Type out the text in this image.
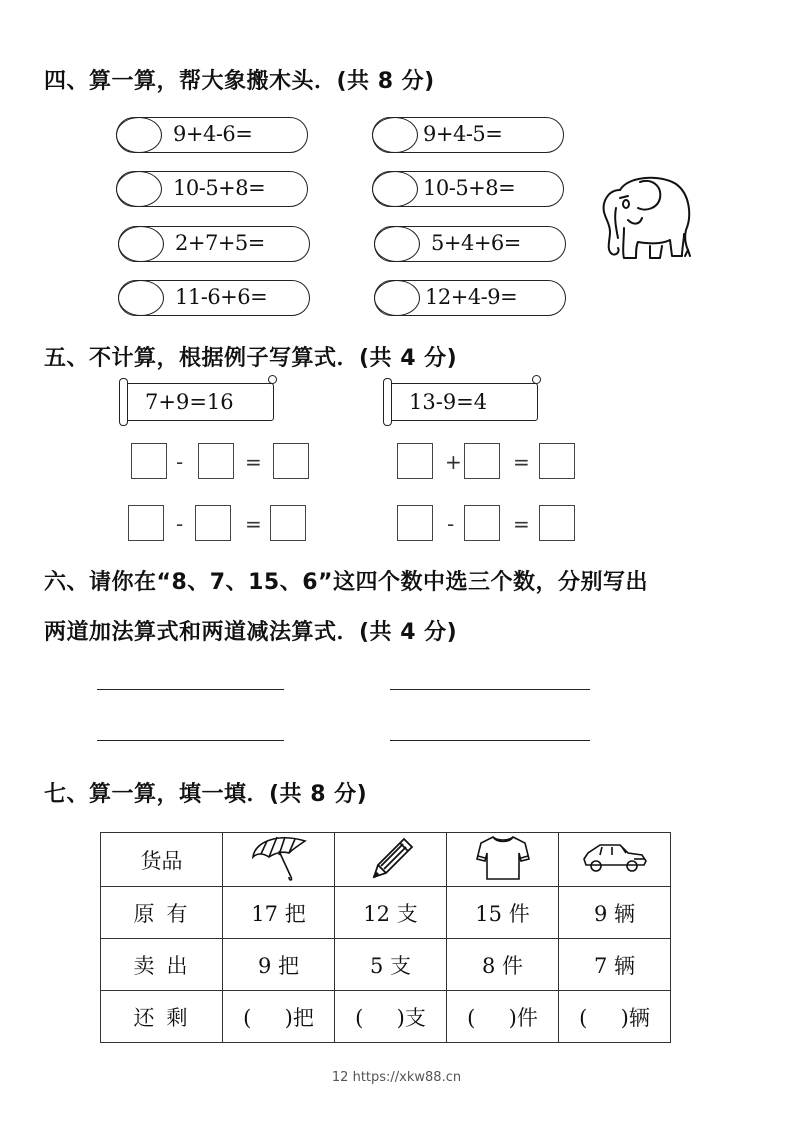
四、算一算，帮大象搬木头．(共 8 分)
9+4-6=
10-5+8=
2+7+5=
11-6+6=
9+4-5=
10-5+8=
5+4+6=
12+4-9=
五、不计算，根据例子写算式．(共 4 分)
7+9=16	13-9=4
-	=
-	=
+	=
-	=
六、请你在“8、7、15、6”这四个数中选三个数，分别写出
两道加法算式和两道减法算式．(共 4 分)
七、算一算，填一填．(共 8 分)
货品				
原有	17 把	12 支	15 件	9 辆
卖出	9 把	5 支	8 件	7 辆
还剩	(     )把	(     )支	(     )件	(     )辆
12 https://xkw88.cn
